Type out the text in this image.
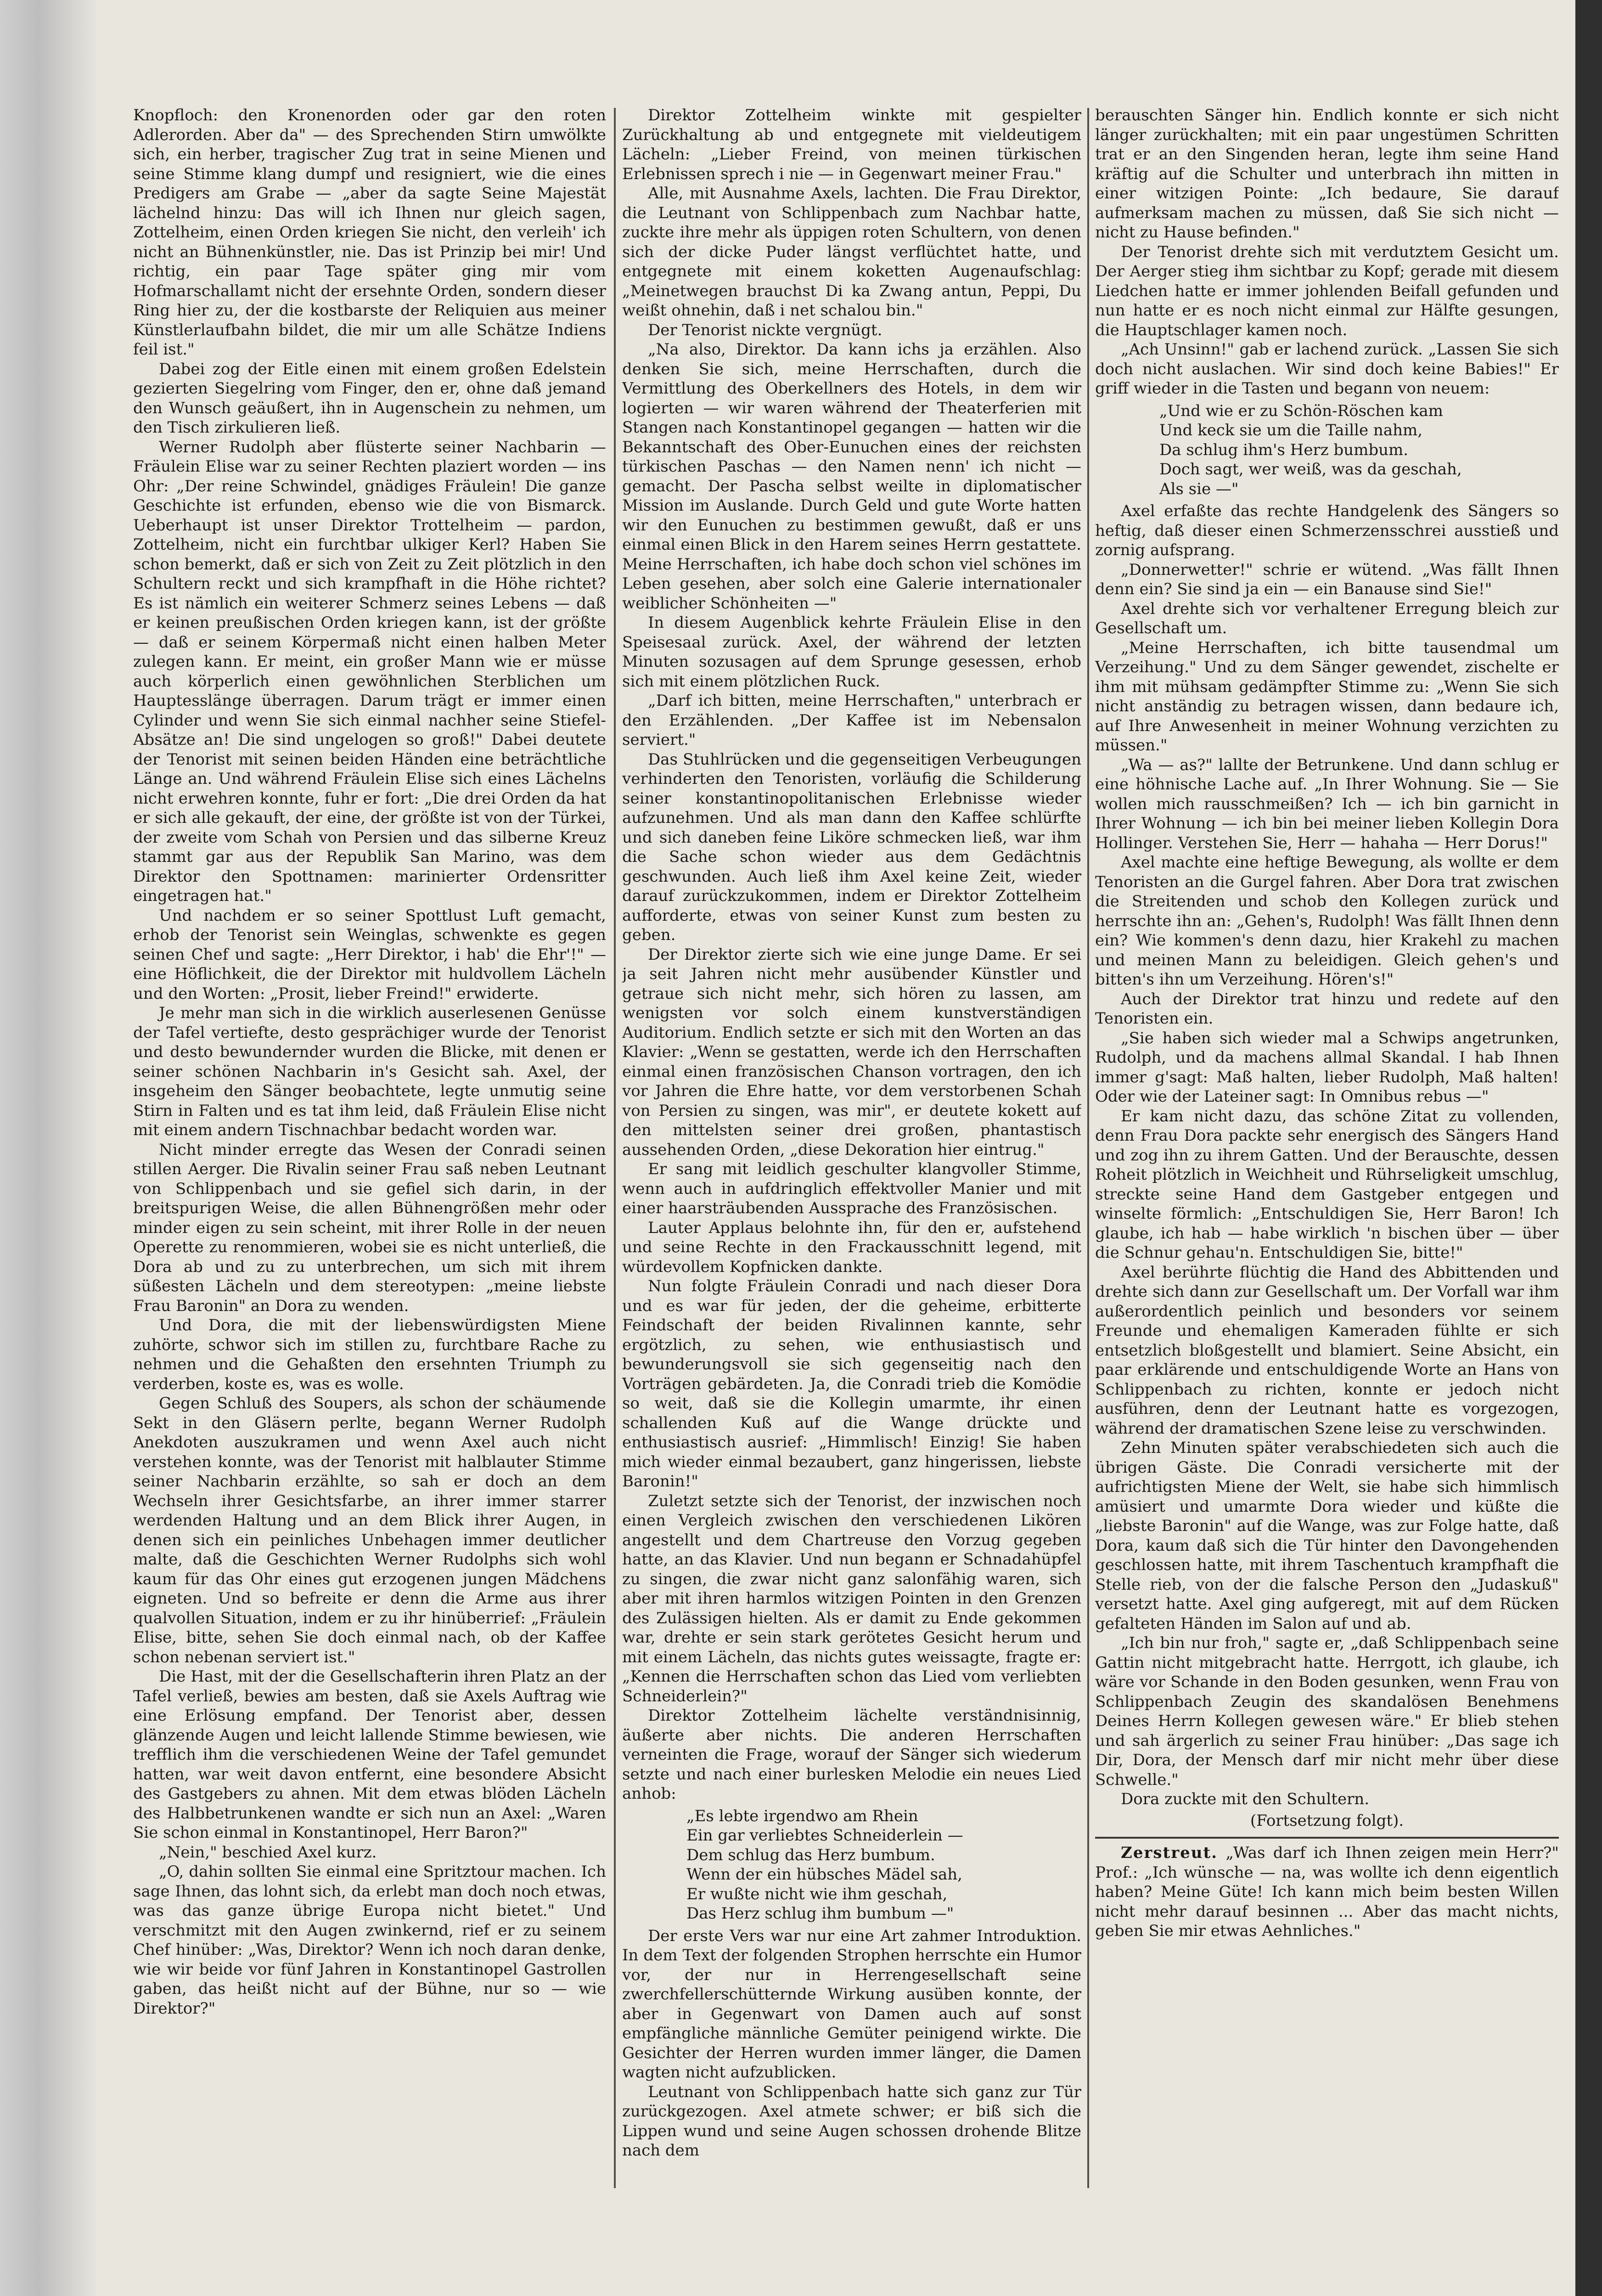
Knopfloch: den Kronenorden oder gar den roten Adlerorden. Aber da" — des Sprechenden Stirn umwölkte sich, ein herber, tragischer Zug trat in seine Mienen und seine Stimme klang dumpf und resigniert, wie die eines Predigers am Grabe — „aber da sagte Seine Majestät lächelnd hinzu: Das will ich Ihnen nur gleich sagen, Zottelheim, einen Orden kriegen Sie nicht, den verleih' ich nicht an Bühnenkünstler, nie. Das ist Prinzip bei mir! Und richtig, ein paar Tage später ging mir vom Hofmarschallamt nicht der ersehnte Orden, sondern dieser Ring hier zu, der die kostbarste der Reliquien aus meiner Künstlerlaufbahn bildet, die mir um alle Schätze Indiens feil ist."

Dabei zog der Eitle einen mit einem großen Edelstein gezierten Siegelring vom Finger, den er, ohne daß jemand den Wunsch geäußert, ihn in Augenschein zu nehmen, um den Tisch zirkulieren ließ.

Werner Rudolph aber flüsterte seiner Nachbarin — Fräulein Elise war zu seiner Rechten plaziert worden — ins Ohr: „Der reine Schwindel, gnädiges Fräulein! Die ganze Geschichte ist erfunden, ebenso wie die von Bismarck. Ueberhaupt ist unser Direktor Trottelheim — pardon, Zottelheim, nicht ein furchtbar ulkiger Kerl? Haben Sie schon bemerkt, daß er sich von Zeit zu Zeit plötzlich in den Schultern reckt und sich krampfhaft in die Höhe richtet? Es ist nämlich ein weiterer Schmerz seines Lebens — daß er keinen preußischen Orden kriegen kann, ist der größte — daß er seinem Körpermaß nicht einen halben Meter zulegen kann. Er meint, ein großer Mann wie er müsse auch körperlich einen gewöhnlichen Sterblichen um Hauptesslänge überragen. Darum trägt er immer einen Cylinder und wenn Sie sich einmal nachher seine Stiefel-Absätze an! Die sind ungelogen so groß!" Dabei deutete der Tenorist mit seinen beiden Händen eine beträchtliche Länge an. Und während Fräulein Elise sich eines Lächelns nicht erwehren konnte, fuhr er fort: „Die drei Orden da hat er sich alle gekauft, der eine, der größte ist von der Türkei, der zweite vom Schah von Persien und das silberne Kreuz stammt gar aus der Republik San Marino, was dem Direktor den Spottnamen: marinierter Ordensritter eingetragen hat."

Und nachdem er so seiner Spottlust Luft gemacht, erhob der Tenorist sein Weinglas, schwenkte es gegen seinen Chef und sagte: „Herr Direktor, i hab' die Ehr'!" — eine Höflichkeit, die der Direktor mit huldvollem Lächeln und den Worten: „Prosit, lieber Freind!" erwiderte.

Je mehr man sich in die wirklich auserlesenen Genüsse der Tafel vertiefte, desto gesprächiger wurde der Tenorist und desto bewundernder wurden die Blicke, mit denen er seiner schönen Nachbarin in's Gesicht sah. Axel, der insgeheim den Sänger beobachtete, legte unmutig seine Stirn in Falten und es tat ihm leid, daß Fräulein Elise nicht mit einem andern Tischnachbar bedacht worden war.

Nicht minder erregte das Wesen der Conradi seinen stillen Aerger. Die Rivalin seiner Frau saß neben Leutnant von Schlippenbach und sie gefiel sich darin, in der breitspurigen Weise, die allen Bühnengrößen mehr oder minder eigen zu sein scheint, mit ihrer Rolle in der neuen Operette zu renommieren, wobei sie es nicht unterließ, die Dora ab und zu zu unterbrechen, um sich mit ihrem süßesten Lächeln und dem stereotypen: „meine liebste Frau Baronin" an Dora zu wenden.

Und Dora, die mit der liebenswürdigsten Miene zuhörte, schwor sich im stillen zu, furchtbare Rache zu nehmen und die Gehaßten den ersehnten Triumph zu verderben, koste es, was es wolle.

Gegen Schluß des Soupers, als schon der schäumende Sekt in den Gläsern perlte, begann Werner Rudolph Anekdoten auszukramen und wenn Axel auch nicht verstehen konnte, was der Tenorist mit halblauter Stimme seiner Nachbarin erzählte, so sah er doch an dem Wechseln ihrer Gesichtsfarbe, an ihrer immer starrer werdenden Haltung und an dem Blick ihrer Augen, in denen sich ein peinliches Unbehagen immer deutlicher malte, daß die Geschichten Werner Rudolphs sich wohl kaum für das Ohr eines gut erzogenen jungen Mädchens eigneten. Und so befreite er denn die Arme aus ihrer qualvollen Situation, indem er zu ihr hinüberrief: „Fräulein Elise, bitte, sehen Sie doch einmal nach, ob der Kaffee schon nebenan serviert ist."

Die Hast, mit der die Gesellschafterin ihren Platz an der Tafel verließ, bewies am besten, daß sie Axels Auftrag wie eine Erlösung empfand. Der Tenorist aber, dessen glänzende Augen und leicht lallende Stimme bewiesen, wie trefflich ihm die verschiedenen Weine der Tafel gemundet hatten, war weit davon entfernt, eine besondere Absicht des Gastgebers zu ahnen. Mit dem etwas blöden Lächeln des Halbbetrunkenen wandte er sich nun an Axel: „Waren Sie schon einmal in Konstantinopel, Herr Baron?"

„Nein," beschied Axel kurz.

„O, dahin sollten Sie einmal eine Spritztour machen. Ich sage Ihnen, das lohnt sich, da erlebt man doch noch etwas, was das ganze übrige Europa nicht bietet." Und verschmitzt mit den Augen zwinkernd, rief er zu seinem Chef hinüber: „Was, Direktor? Wenn ich noch daran denke, wie wir beide vor fünf Jahren in Konstantinopel Gastrollen gaben, das heißt nicht auf der Bühne, nur so — wie Direktor?"

Direktor Zottelheim winkte mit gespielter Zurückhaltung ab und entgegnete mit vieldeutigem Lächeln: „Lieber Freind, von meinen türkischen Erlebnissen sprech i nie — in Gegenwart meiner Frau."

Alle, mit Ausnahme Axels, lachten. Die Frau Direktor, die Leutnant von Schlippenbach zum Nachbar hatte, zuckte ihre mehr als üppigen roten Schultern, von denen sich der dicke Puder längst verflüchtet hatte, und entgegnete mit einem koketten Augenaufschlag: „Meinetwegen brauchst Di ka Zwang antun, Peppi, Du weißt ohnehin, daß i net schalou bin."

Der Tenorist nickte vergnügt.

„Na also, Direktor. Da kann ichs ja erzählen. Also denken Sie sich, meine Herrschaften, durch die Vermittlung des Oberkellners des Hotels, in dem wir logierten — wir waren während der Theaterferien mit Stangen nach Konstantinopel gegangen — hatten wir die Bekanntschaft des Ober-Eunuchen eines der reichsten türkischen Paschas — den Namen nenn' ich nicht — gemacht. Der Pascha selbst weilte in diplomatischer Mission im Auslande. Durch Geld und gute Worte hatten wir den Eunuchen zu bestimmen gewußt, daß er uns einmal einen Blick in den Harem seines Herrn gestattete. Meine Herrschaften, ich habe doch schon viel schönes im Leben gesehen, aber solch eine Galerie internationaler weiblicher Schönheiten —"

In diesem Augenblick kehrte Fräulein Elise in den Speisesaal zurück. Axel, der während der letzten Minuten sozusagen auf dem Sprunge gesessen, erhob sich mit einem plötzlichen Ruck.

„Darf ich bitten, meine Herrschaften," unterbrach er den Erzählenden. „Der Kaffee ist im Nebensalon serviert."

Das Stuhlrücken und die gegenseitigen Verbeugungen verhinderten den Tenoristen, vorläufig die Schilderung seiner konstantinopolitanischen Erlebnisse wieder aufzunehmen. Und als man dann den Kaffee schlürfte und sich daneben feine Liköre schmecken ließ, war ihm die Sache schon wieder aus dem Gedächtnis geschwunden. Auch ließ ihm Axel keine Zeit, wieder darauf zurückzukommen, indem er Direktor Zottelheim aufforderte, etwas von seiner Kunst zum besten zu geben.

Der Direktor zierte sich wie eine junge Dame. Er sei ja seit Jahren nicht mehr ausübender Künstler und getraue sich nicht mehr, sich hören zu lassen, am wenigsten vor solch einem kunstverständigen Auditorium. Endlich setzte er sich mit den Worten an das Klavier: „Wenn se gestatten, werde ich den Herrschaften einmal einen französischen Chanson vortragen, den ich vor Jahren die Ehre hatte, vor dem verstorbenen Schah von Persien zu singen, was mir", er deutete kokett auf den mittelsten seiner drei großen, phantastisch aussehenden Orden, „diese Dekoration hier eintrug."

Er sang mit leidlich geschulter klangvoller Stimme, wenn auch in aufdringlich effektvoller Manier und mit einer haarsträubenden Aussprache des Französischen.

Lauter Applaus belohnte ihn, für den er, aufstehend und seine Rechte in den Frackausschnitt legend, mit würdevollem Kopfnicken dankte.

Nun folgte Fräulein Conradi und nach dieser Dora und es war für jeden, der die geheime, erbitterte Feindschaft der beiden Rivalinnen kannte, sehr ergötzlich, zu sehen, wie enthusiastisch und bewunderungsvoll sie sich gegenseitig nach den Vorträgen gebärdeten. Ja, die Conradi trieb die Komödie so weit, daß sie die Kollegin umarmte, ihr einen schallenden Kuß auf die Wange drückte und enthusiastisch ausrief: „Himmlisch! Einzig! Sie haben mich wieder einmal bezaubert, ganz hingerissen, liebste Baronin!"

Zuletzt setzte sich der Tenorist, der inzwischen noch einen Vergleich zwischen den verschiedenen Likören angestellt und dem Chartreuse den Vorzug gegeben hatte, an das Klavier. Und nun begann er Schnadahüpfel zu singen, die zwar nicht ganz salonfähig waren, sich aber mit ihren harmlos witzigen Pointen in den Grenzen des Zulässigen hielten. Als er damit zu Ende gekommen war, drehte er sein stark gerötetes Gesicht herum und mit einem Lächeln, das nichts gutes weissagte, fragte er: „Kennen die Herrschaften schon das Lied vom verliebten Schneiderlein?"

Direktor Zottelheim lächelte verständnisinnig, äußerte aber nichts. Die anderen Herrschaften verneinten die Frage, worauf der Sänger sich wiederum setzte und nach einer burlesken Melodie ein neues Lied anhob:

„Es lebte irgendwo am Rhein
Ein gar verliebtes Schneiderlein —
Dem schlug das Herz bumbum.
Wenn der ein hübsches Mädel sah,
Er wußte nicht wie ihm geschah,
Das Herz schlug ihm bumbum —"

Der erste Vers war nur eine Art zahmer Introduktion. In dem Text der folgenden Strophen herrschte ein Humor vor, der nur in Herrengesellschaft seine zwerchfellerschütternde Wirkung ausüben konnte, der aber in Gegenwart von Damen auch auf sonst empfängliche männliche Gemüter peinigend wirkte. Die Gesichter der Herren wurden immer länger, die Damen wagten nicht aufzublicken.

Leutnant von Schlippenbach hatte sich ganz zur Tür zurückgezogen. Axel atmete schwer; er biß sich die Lippen wund und seine Augen schossen drohende Blitze nach dem

berauschten Sänger hin. Endlich konnte er sich nicht länger zurückhalten; mit ein paar ungestümen Schritten trat er an den Singenden heran, legte ihm seine Hand kräftig auf die Schulter und unterbrach ihn mitten in einer witzigen Pointe: „Ich bedaure, Sie darauf aufmerksam machen zu müssen, daß Sie sich nicht — nicht zu Hause befinden."

Der Tenorist drehte sich mit verdutztem Gesicht um. Der Aerger stieg ihm sichtbar zu Kopf; gerade mit diesem Liedchen hatte er immer johlenden Beifall gefunden und nun hatte er es noch nicht einmal zur Hälfte gesungen, die Hauptschlager kamen noch.

„Ach Unsinn!" gab er lachend zurück. „Lassen Sie sich doch nicht auslachen. Wir sind doch keine Babies!" Er griff wieder in die Tasten und begann von neuem:

„Und wie er zu Schön-Röschen kam
Und keck sie um die Taille nahm,
Da schlug ihm's Herz bumbum.
Doch sagt, wer weiß, was da geschah,
Als sie —"

Axel erfaßte das rechte Handgelenk des Sängers so heftig, daß dieser einen Schmerzensschrei ausstieß und zornig aufsprang.

„Donnerwetter!" schrie er wütend. „Was fällt Ihnen denn ein? Sie sind ja ein — ein Banause sind Sie!"

Axel drehte sich vor verhaltener Erregung bleich zur Gesellschaft um.

„Meine Herrschaften, ich bitte tausendmal um Verzeihung." Und zu dem Sänger gewendet, zischelte er ihm mit mühsam gedämpfter Stimme zu: „Wenn Sie sich nicht anständig zu betragen wissen, dann bedaure ich, auf Ihre Anwesenheit in meiner Wohnung verzichten zu müssen."

„Wa — as?" lallte der Betrunkene. Und dann schlug er eine höhnische Lache auf. „In Ihrer Wohnung. Sie — Sie wollen mich rausschmeißen? Ich — ich bin garnicht in Ihrer Wohnung — ich bin bei meiner lieben Kollegin Dora Hollinger. Verstehen Sie, Herr — hahaha — Herr Dorus!"

Axel machte eine heftige Bewegung, als wollte er dem Tenoristen an die Gurgel fahren. Aber Dora trat zwischen die Streitenden und schob den Kollegen zurück und herrschte ihn an: „Gehen's, Rudolph! Was fällt Ihnen denn ein? Wie kommen's denn dazu, hier Krakehl zu machen und meinen Mann zu beleidigen. Gleich gehen's und bitten's ihn um Verzeihung. Hören's!"

Auch der Direktor trat hinzu und redete auf den Tenoristen ein.

„Sie haben sich wieder mal a Schwips angetrunken, Rudolph, und da machens allmal Skandal. I hab Ihnen immer g'sagt: Maß halten, lieber Rudolph, Maß halten! Oder wie der Lateiner sagt: In Omnibus rebus —"

Er kam nicht dazu, das schöne Zitat zu vollenden, denn Frau Dora packte sehr energisch des Sängers Hand und zog ihn zu ihrem Gatten. Und der Berauschte, dessen Roheit plötzlich in Weichheit und Rührseligkeit umschlug, streckte seine Hand dem Gastgeber entgegen und winselte förmlich: „Entschuldigen Sie, Herr Baron! Ich glaube, ich hab — habe wirklich 'n bischen über — über die Schnur gehau'n. Entschuldigen Sie, bitte!"

Axel berührte flüchtig die Hand des Abbittenden und drehte sich dann zur Gesellschaft um. Der Vorfall war ihm außerordentlich peinlich und besonders vor seinem Freunde und ehemaligen Kameraden fühlte er sich entsetzlich bloßgestellt und blamiert. Seine Absicht, ein paar erklärende und entschuldigende Worte an Hans von Schlippenbach zu richten, konnte er jedoch nicht ausführen, denn der Leutnant hatte es vorgezogen, während der dramatischen Szene leise zu verschwinden.

Zehn Minuten später verabschiedeten sich auch die übrigen Gäste. Die Conradi versicherte mit der aufrichtigsten Miene der Welt, sie habe sich himmlisch amüsiert und umarmte Dora wieder und küßte die „liebste Baronin" auf die Wange, was zur Folge hatte, daß Dora, kaum daß sich die Tür hinter den Davongehenden geschlossen hatte, mit ihrem Taschentuch krampfhaft die Stelle rieb, von der die falsche Person den „Judaskuß" versetzt hatte. Axel ging aufgeregt, mit auf dem Rücken gefalteten Händen im Salon auf und ab.

„Ich bin nur froh," sagte er, „daß Schlippenbach seine Gattin nicht mitgebracht hatte. Herrgott, ich glaube, ich wäre vor Schande in den Boden gesunken, wenn Frau von Schlippenbach Zeugin des skandalösen Benehmens Deines Herrn Kollegen gewesen wäre." Er blieb stehen und sah ärgerlich zu seiner Frau hinüber: „Das sage ich Dir, Dora, der Mensch darf mir nicht mehr über diese Schwelle."

Dora zuckte mit den Schultern.

(Fortsetzung folgt).

Zerstreut. „Was darf ich Ihnen zeigen mein Herr?" Prof.: „Ich wünsche — na, was wollte ich denn eigentlich haben? Meine Güte! Ich kann mich beim besten Willen nicht mehr darauf besinnen ... Aber das macht nichts, geben Sie mir etwas Aehnliches."
